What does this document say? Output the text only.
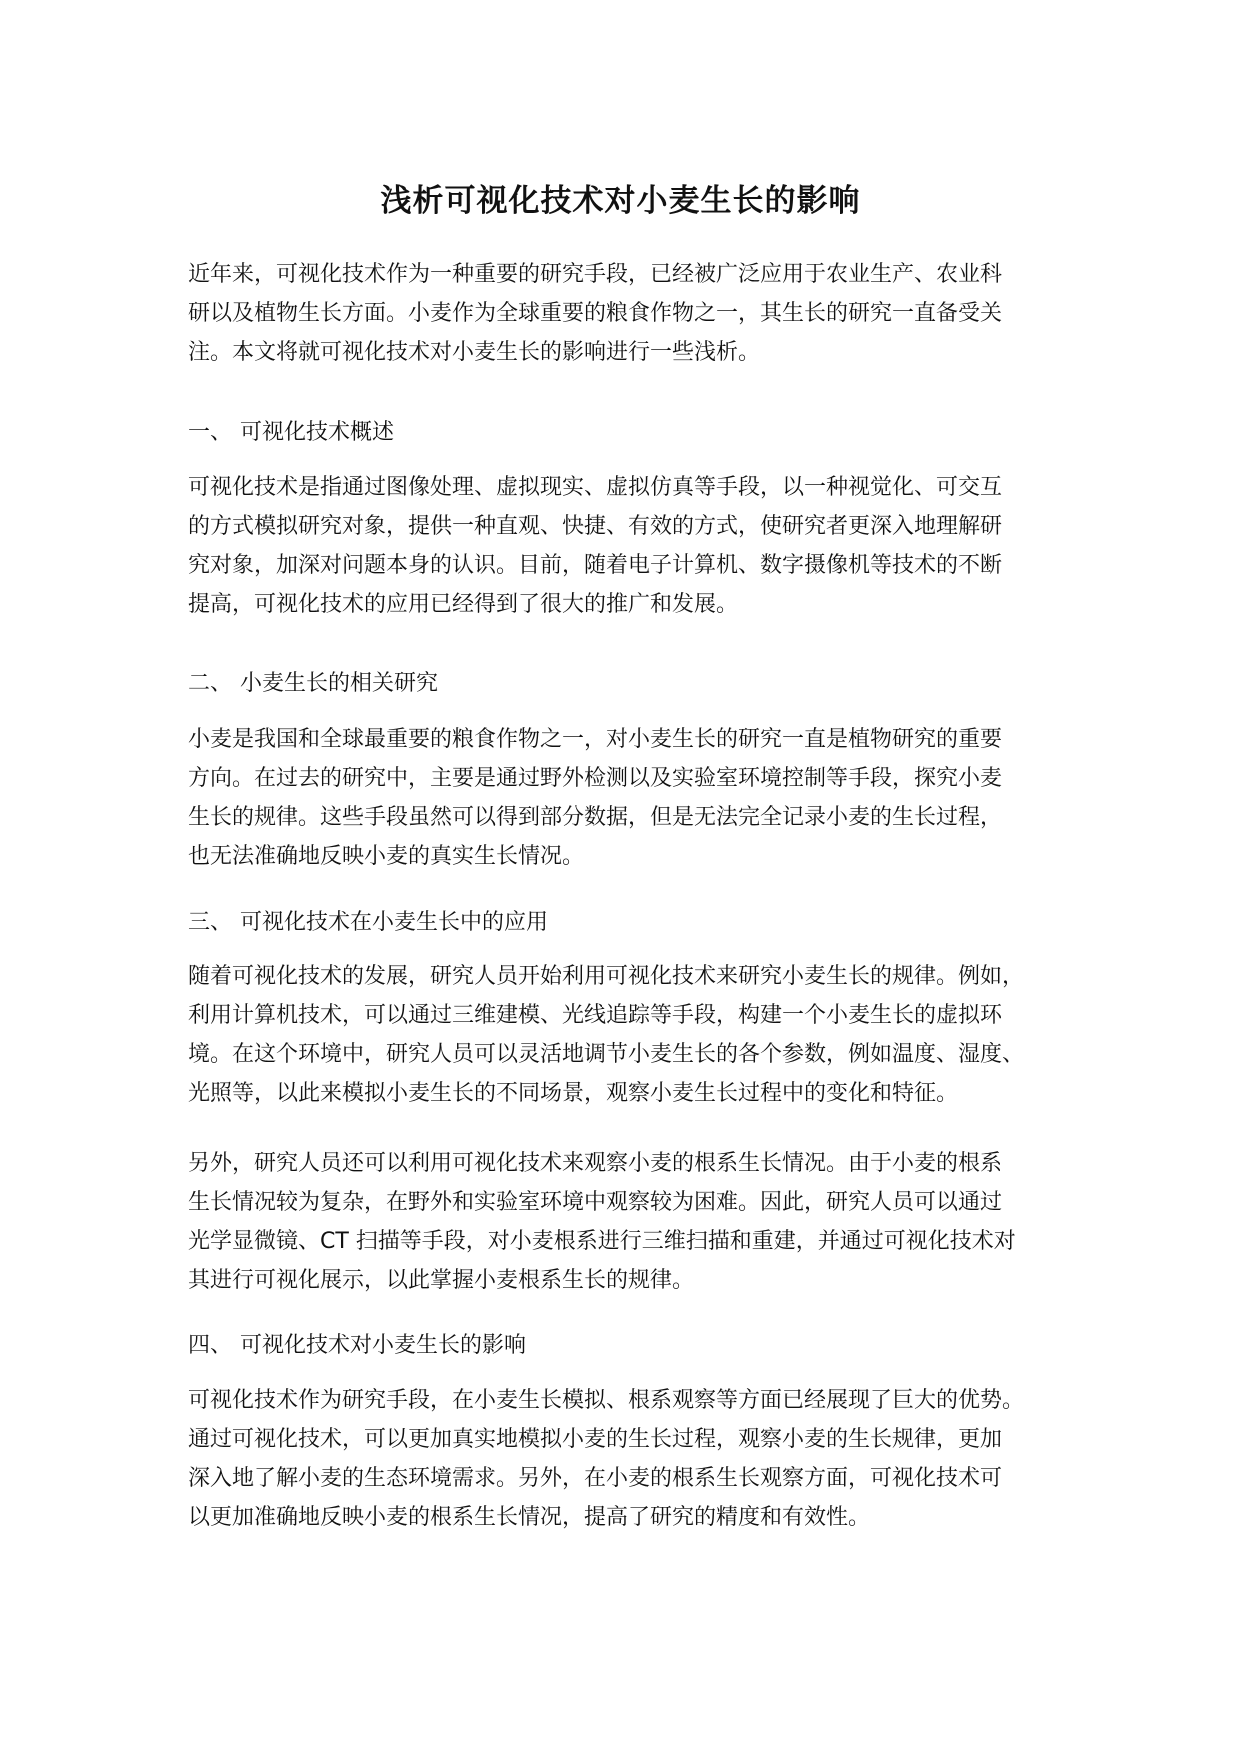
浅析可视化技术对小麦生长的影响

近年来，可视化技术作为一种重要的研究手段，已经被广泛应用于农业生产、农业科
研以及植物生长方面。小麦作为全球重要的粮食作物之一，其生长的研究一直备受关
注。本文将就可视化技术对小麦生长的影响进行一些浅析。

一、 可视化技术概述

可视化技术是指通过图像处理、虚拟现实、虚拟仿真等手段，以一种视觉化、可交互
的方式模拟研究对象，提供一种直观、快捷、有效的方式，使研究者更深入地理解研
究对象，加深对问题本身的认识。目前，随着电子计算机、数字摄像机等技术的不断
提高，可视化技术的应用已经得到了很大的推广和发展。

二、 小麦生长的相关研究

小麦是我国和全球最重要的粮食作物之一，对小麦生长的研究一直是植物研究的重要
方向。在过去的研究中，主要是通过野外检测以及实验室环境控制等手段，探究小麦
生长的规律。这些手段虽然可以得到部分数据，但是无法完全记录小麦的生长过程，
也无法准确地反映小麦的真实生长情况。

三、 可视化技术在小麦生长中的应用

随着可视化技术的发展，研究人员开始利用可视化技术来研究小麦生长的规律。例如，
利用计算机技术，可以通过三维建模、光线追踪等手段，构建一个小麦生长的虚拟环
境。在这个环境中，研究人员可以灵活地调节小麦生长的各个参数，例如温度、湿度、
光照等，以此来模拟小麦生长的不同场景，观察小麦生长过程中的变化和特征。

另外，研究人员还可以利用可视化技术来观察小麦的根系生长情况。由于小麦的根系
生长情况较为复杂，在野外和实验室环境中观察较为困难。因此，研究人员可以通过
光学显微镜、CT 扫描等手段，对小麦根系进行三维扫描和重建，并通过可视化技术对
其进行可视化展示，以此掌握小麦根系生长的规律。

四、 可视化技术对小麦生长的影响

可视化技术作为研究手段，在小麦生长模拟、根系观察等方面已经展现了巨大的优势。
通过可视化技术，可以更加真实地模拟小麦的生长过程，观察小麦的生长规律，更加
深入地了解小麦的生态环境需求。另外，在小麦的根系生长观察方面，可视化技术可
以更加准确地反映小麦的根系生长情况，提高了研究的精度和有效性。
